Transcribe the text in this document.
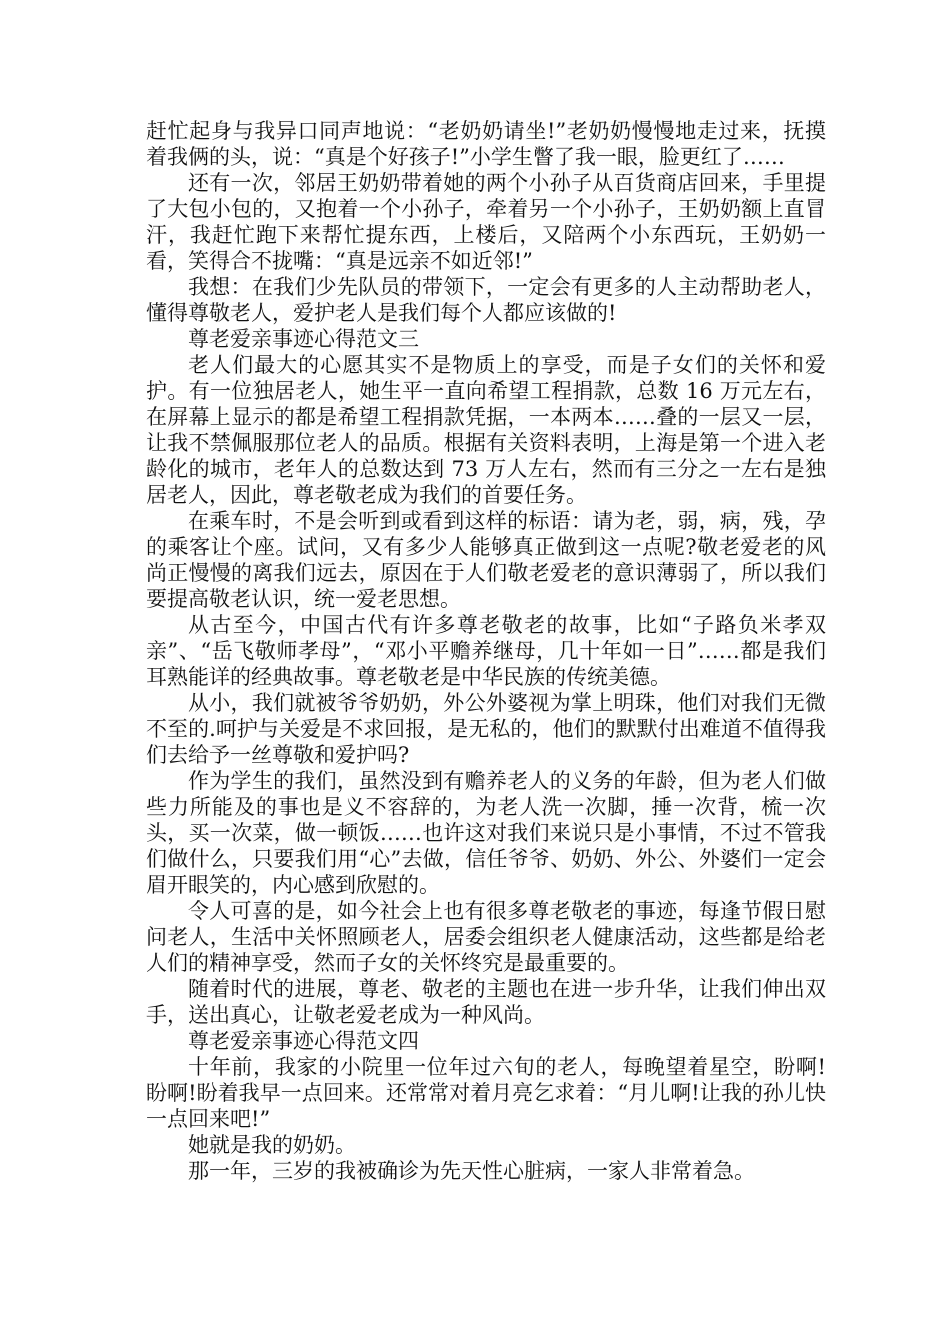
赶忙起身与我异口同声地说：“老奶奶请坐!”老奶奶慢慢地走过来，抚摸着我俩的头，说：“真是个好孩子!”小学生瞥了我一眼，脸更红了……

还有一次，邻居王奶奶带着她的两个小孙子从百货商店回来，手里提了大包小包的，又抱着一个小孙子，牵着另一个小孙子，王奶奶额上直冒汗，我赶忙跑下来帮忙提东西，上楼后，又陪两个小东西玩，王奶奶一看，笑得合不拢嘴：“真是远亲不如近邻!”

我想：在我们少先队员的带领下，一定会有更多的人主动帮助老人，懂得尊敬老人，爱护老人是我们每个人都应该做的!

尊老爱亲事迹心得范文三

老人们最大的心愿其实不是物质上的享受，而是子女们的关怀和爱护。有一位独居老人，她生平一直向希望工程捐款，总数 16 万元左右，在屏幕上显示的都是希望工程捐款凭据，一本两本……叠的一层又一层，让我不禁佩服那位老人的品质。根据有关资料表明，上海是第一个进入老龄化的城市，老年人的总数达到 73 万人左右，然而有三分之一左右是独居老人，因此，尊老敬老成为我们的首要任务。

在乘车时，不是会听到或看到这样的标语：请为老，弱，病，残，孕的乘客让个座。试问，又有多少人能够真正做到这一点呢?敬老爱老的风尚正慢慢的离我们远去，原因在于人们敬老爱老的意识薄弱了，所以我们要提高敬老认识，统一爱老思想。

从古至今，中国古代有许多尊老敬老的故事，比如“子路负米孝双亲”、“岳飞敬师孝母”，“邓小平赡养继母，几十年如一日”……都是我们耳熟能详的经典故事。尊老敬老是中华民族的传统美德。

从小，我们就被爷爷奶奶，外公外婆视为掌上明珠，他们对我们无微不至的.呵护与关爱是不求回报，是无私的，他们的默默付出难道不值得我们去给予一丝尊敬和爱护吗?

作为学生的我们，虽然没到有赡养老人的义务的年龄，但为老人们做些力所能及的事也是义不容辞的，为老人洗一次脚，捶一次背，梳一次头，买一次菜，做一顿饭……也许这对我们来说只是小事情，不过不管我们做什么，只要我们用“心”去做，信任爷爷、奶奶、外公、外婆们一定会眉开眼笑的，内心感到欣慰的。

令人可喜的是，如今社会上也有很多尊老敬老的事迹，每逢节假日慰问老人，生活中关怀照顾老人，居委会组织老人健康活动，这些都是给老人们的精神享受，然而子女的关怀终究是最重要的。

随着时代的进展，尊老、敬老的主题也在进一步升华，让我们伸出双手，送出真心，让敬老爱老成为一种风尚。

尊老爱亲事迹心得范文四

十年前，我家的小院里一位年过六旬的老人，每晚望着星空，盼啊!盼啊!盼着我早一点回来。还常常对着月亮乞求着：“月儿啊!让我的孙儿快一点回来吧!”

她就是我的奶奶。

那一年，三岁的我被确诊为先天性心脏病，一家人非常着急。
